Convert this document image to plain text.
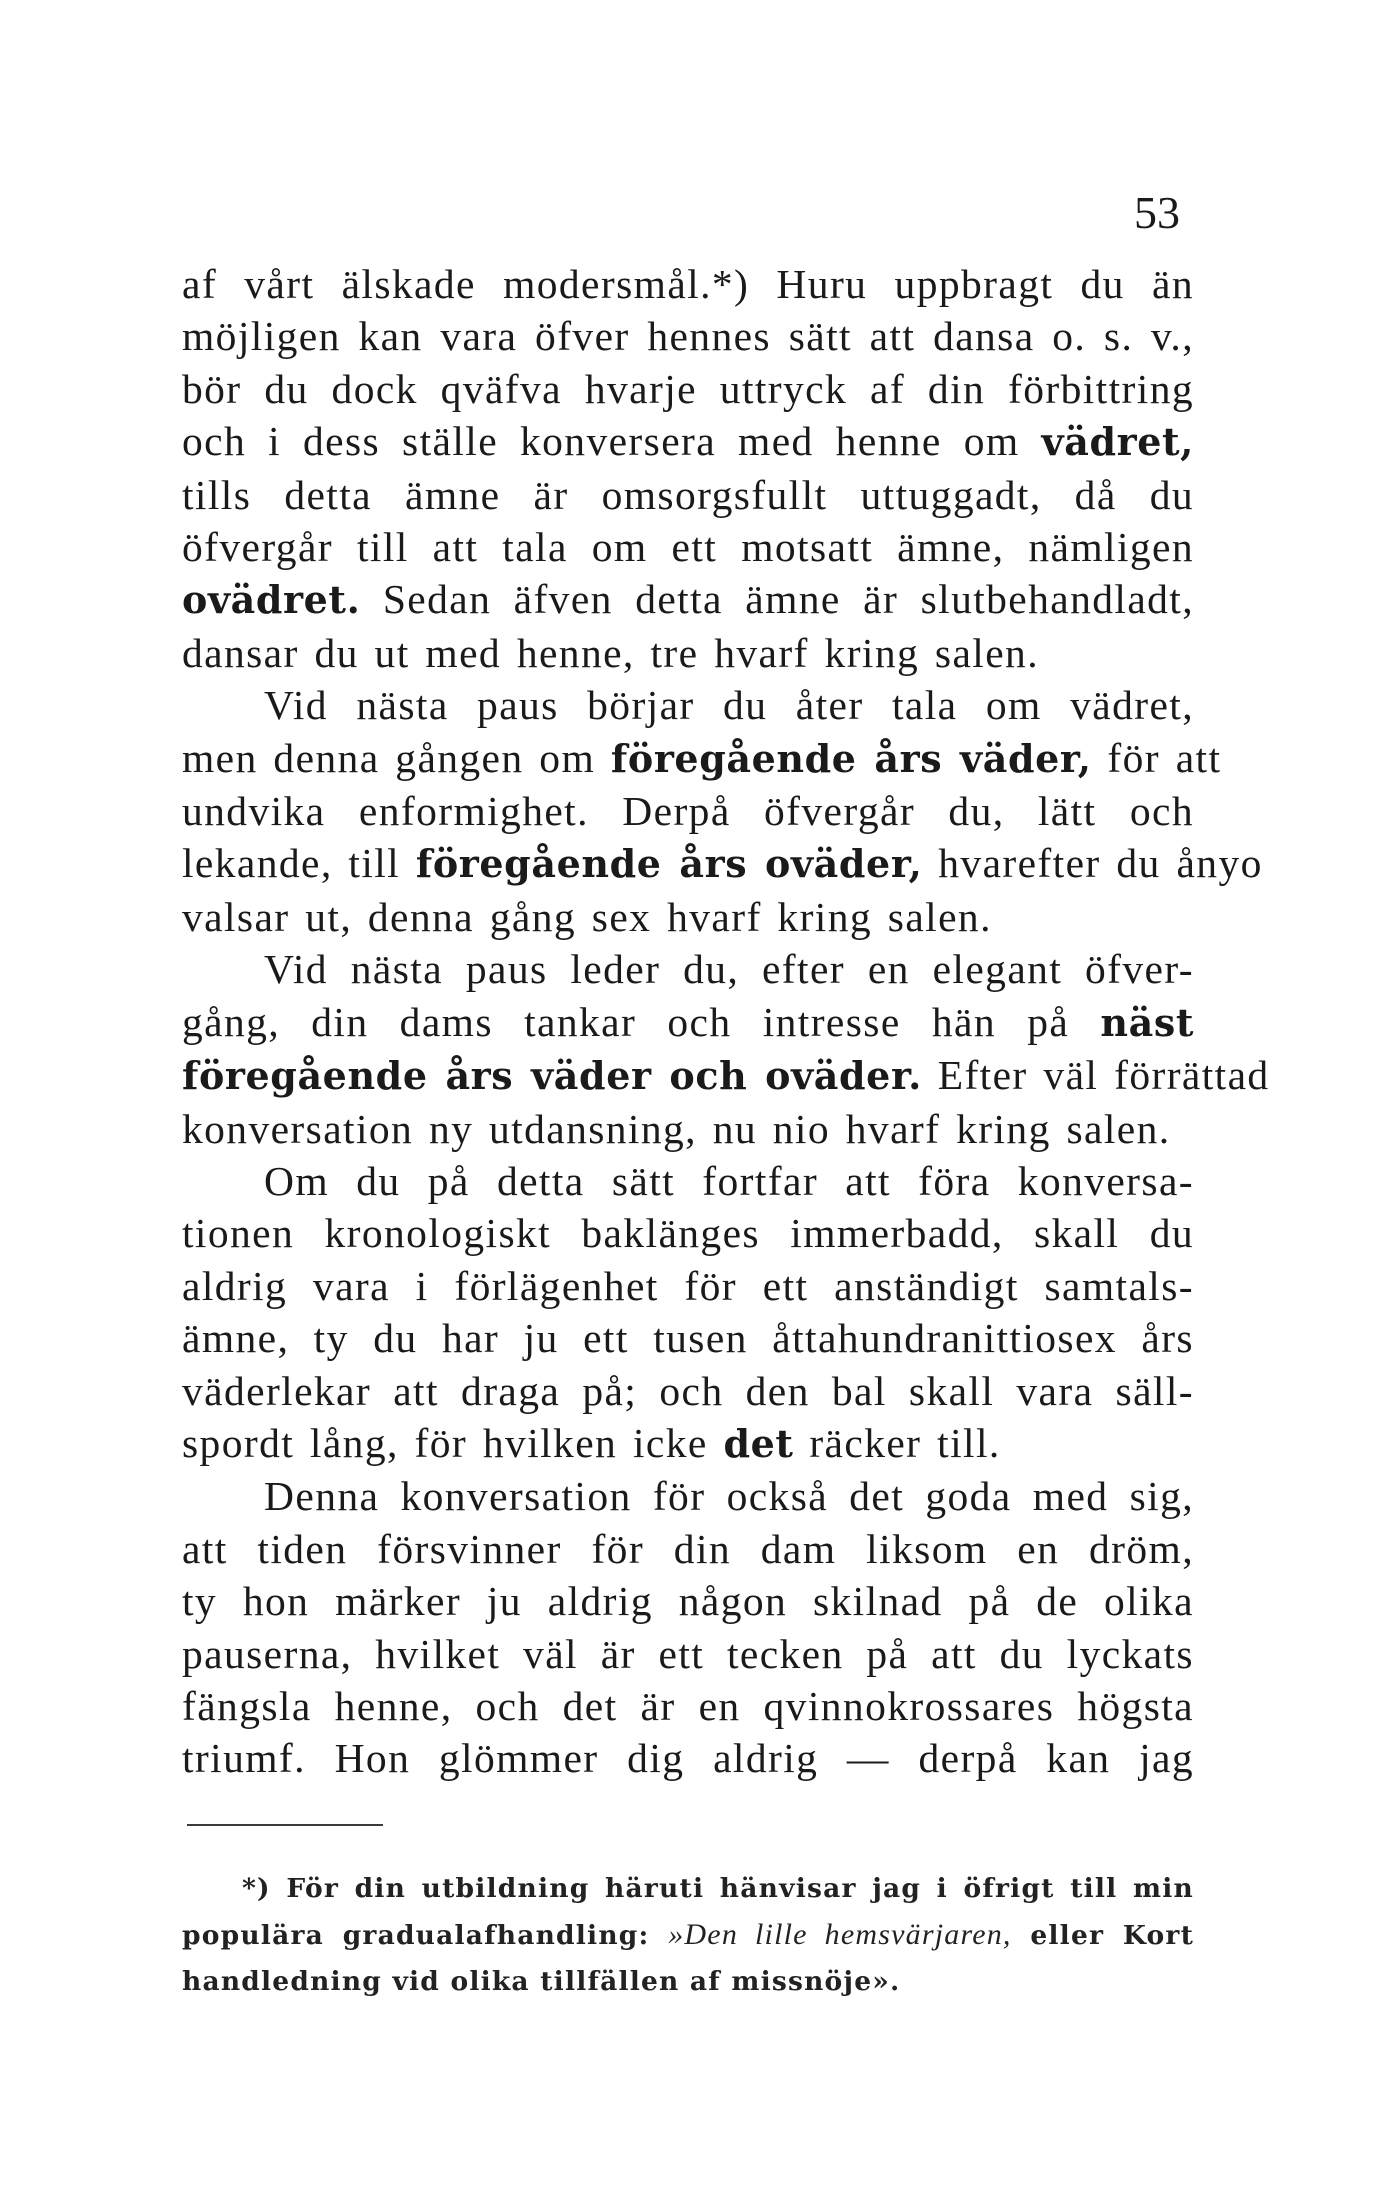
53
af vårt älskade modersmål.*) Huru uppbragt du än
möjligen kan vara öfver hennes sätt att dansa o. s. v.,
bör du dock qväfva hvarje uttryck af din förbittring
och i dess ställe konversera med henne om vädret,
tills detta ämne är omsorgsfullt uttuggadt, då du
öfvergår till att tala om ett motsatt ämne, nämligen
ovädret. Sedan äfven detta ämne är slutbehandladt,
dansar du ut med henne, tre hvarf kring salen.
Vid nästa paus börjar du åter tala om vädret,
men denna gången om föregående års väder, för att
undvika enformighet. Derpå öfvergår du, lätt och
lekande, till föregående års oväder, hvarefter du ånyo
valsar ut, denna gång sex hvarf kring salen.
Vid nästa paus leder du, efter en elegant öfver-
gång, din dams tankar och intresse hän på näst
föregående års väder och oväder. Efter väl förrättad
konversation ny utdansning, nu nio hvarf kring salen.
Om du på detta sätt fortfar att föra konversa-
tionen kronologiskt baklänges immerbadd, skall du
aldrig vara i förlägenhet för ett anständigt samtals-
ämne, ty du har ju ett tusen åttahundranittiosex års
väderlekar att draga på; och den bal skall vara säll-
spordt lång, för hvilken icke det räcker till.
Denna konversation för också det goda med sig,
att tiden försvinner för din dam liksom en dröm,
ty hon märker ju aldrig någon skilnad på de olika
pauserna, hvilket väl är ett tecken på att du lyckats
fängsla henne, och det är en qvinnokrossares högsta
triumf. Hon glömmer dig aldrig — derpå kan jag
*) För din utbildning häruti hänvisar jag i öfrigt till min
populära gradualafhandling: »Den lille hemsvärjaren, eller Kort
handledning vid olika tillfällen af missnöje».
